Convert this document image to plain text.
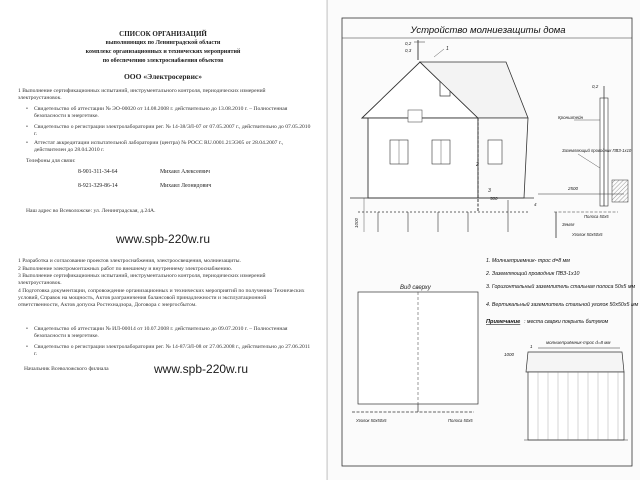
СПИСОК ОРГАНИЗАЦИЙ
выполняющих по Ленинградской области
комплекс организационных и технических мероприятий
по обеспечению электроснабжения объектов
ООО «Электросервис»
1 Выполнение сертификационных испытаний, инструментального контроля, периодических измерений электроустановок.
• Свидетельство об аттестации № ЭО-00020 от 14.08.2008 г. действительно до 13.08.2010 г. – Полностенная безопасности в энергетике.
• Свидетельство о регистрации электролаборатории рег. № 14-38/ЭЛ-07 от 07.05.2007 г., действительно до 07.05.2010 г.
• Аттестат аккредитации испытательной лаборатории (центра) № РОСС RU.0001.21ЭЭ05 от 28.04.2007 г., действителен до 28.04.2010 г.
Телефоны для связи:
8-901-311-34-64	Михаил Алексеевич
8-921-329-86-14	Михаил Леонидович
Наш адрес во Всеволожске: ул. Ленинградская, д.24А.
www.spb-220w.ru
1 Разработка и согласование проектов электроснабжения, электроосвещения, молниезащиты.
2 Выполнение электромонтажных работ по внешнему и внутреннему электроснабжению.
3 Выполнение сертификационных испытаний, инструментального контроля, периодических измерений электроустановок.
4 Подготовка документации, сопровождение организационных и технических мероприятий по получению Технических условий, Справок на мощность, Актов разграничения балансовой принадлежности и эксплуатационной ответственности, Актов допуска Ростехнадзора, Договора с энергосбытом.
• Свидетельство об аттестации № ИЛ-00014 от 10.07.2008 г. действительно до 09.07.2010 г. – Полностенная безопасности в энергетике.
• Свидетельство о регистрации электролаборатории рег. № 14-87/ЭЛ-08 от 27.06.2008 г., действительно до 27.06.2011 г.
Начальник Всеволожского филиала	www.spb-220w.ru
Устройство молниезащиты дома
0,2
0,3
1000
500
1
2
3
0,2
Кронштейн
Заземляющий проводник ПВЗ-1х10
2500
Полоса 50х5
Земля
Уголок 50х50х5
4
Вид сверху
Уголок 50х50х5	Полоса 50х5
1. Молниеприемник- трос d=8 мм
2. Заземляющий проводник ПВЗ-1х10
3. Горизонтальный заземлитель стальная полоса 50х5 мм
4. Вертикальный заземлитель стальной уголок 50х50х5 мм
Примечание : места сварки покрыть битумом
молниеприёмник-трос d=8 мм
1000
1
